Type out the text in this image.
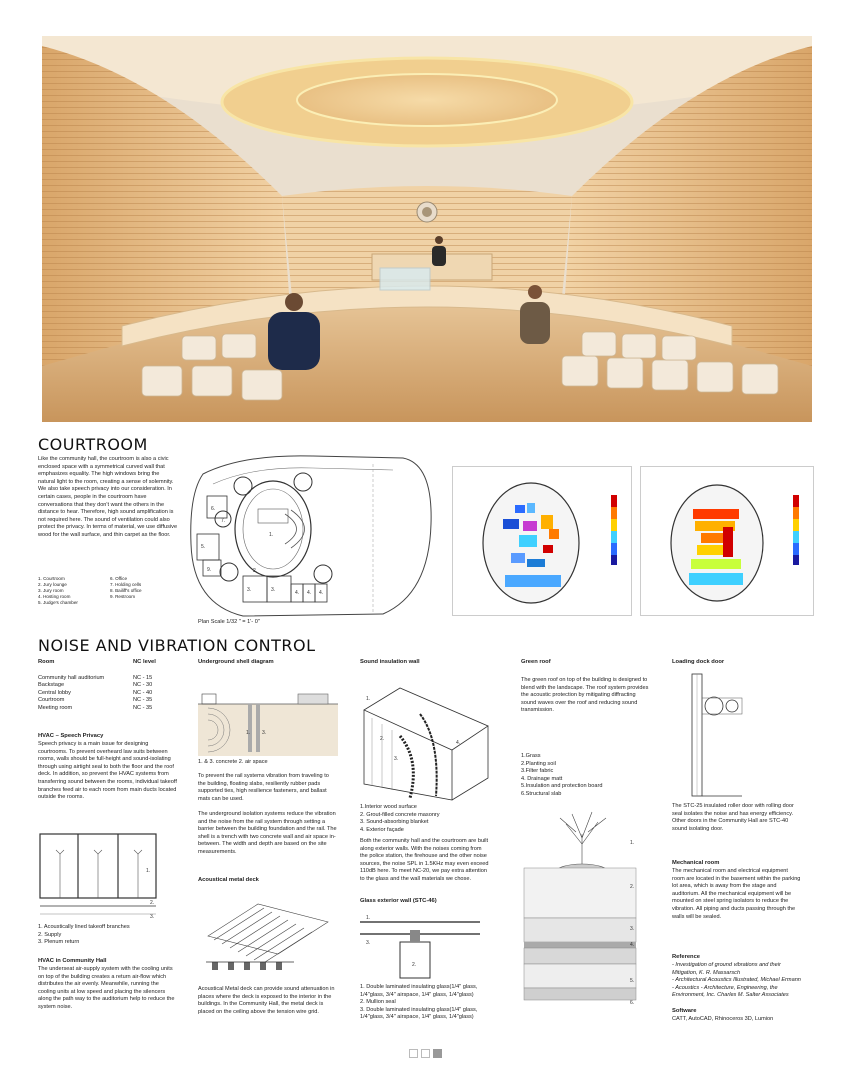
COURTROOM
Like the community hall, the courtroom is also a civic enclosed space with a symmetrical curved wall that emphasizes equality. The high windows bring the natural light to the room, creating a sense of solemnity. We also take speech privacy into our consideration. In certain cases, people in the courtroom have conversations that they don't want the others in the distance to hear. Therefore, high sound amplification is not required here. The sound of ventilation could also protect the privacy. In terms of material, we use diffusive wood for the wall surface, and thin carpet as the floor.
1. Courtroom	6. Office
2. Jury lounge	7. Holding cells
3. Jury room	8. Bailiff's office
4. Hosting room	9. Restroom
5. Judge's chamber
6.
5.
9.	2.
3.	3.	4. 4. 4.
1.
7.
Plan Scale 1/32 " = 1'- 0"
NOISE AND VIBRATION CONTROL
Room	NC level
Community hall auditorium	NC - 15
Backstage	NC - 30
Central lobby	NC - 40
Courtroom	NC - 35
Meeting room	NC - 35
HVAC – Speech Privacy
Speech privacy is a main issue for designing courtrooms. To prevent overheard law suits between rooms, walls should be full-height and sound-isolating through using airtight seal to both the floor and the roof deck. In addition, so prevent the HVAC systems from transferring sound between the rooms, individual takeoff branches feed air to each room from main ducts located outside the rooms.
1.
2.
3.
1. Acoustically lined takeoff branches
2. Supply
3. Plenum return
HVAC in Community Hall
The underseat air-supply system with the cooling units on top of the building creates a return air-flow which distributes the air evenly. Meanwhile, running the cooling units at low speed and placing the silencers along the path way to the auditorium help to reduce the system noise.
Underground shell diagram
1. 3.
1. & 3. concrete 2. air space
To prevent the rail systems vibration from traveling to the building, floating slabs, resiliently rubber pads supported ties, high resilience fasteners, and ballast mats can be used.
The underground isolation systems reduce the vibration and the noise from the rail system through setting a barrier between the building foundation and the rail. The shell is a trench with two concrete wall and air space in-between. The width and depth are based on the site measurements.
Acoustical metal deck
Acoustical Metal deck can provide sound attenuation in places where the deck is exposed to the interior in the buildings. In the Community Hall, the metal deck is placed on the ceiling above the tension wire grid.
Sound insulation wall
1.
2.
3.
4.
1.Interior wood surface
2. Grout-filled concrete masonry
3. Sound-absorbing blanket
4. Exterior façade
Both the community hall and the courtroom are built along exterior walls. With the noises coming from the police station, the firehouse and the other noise sources, the noise SPL in 1.5KHz may even exceed 110dB here. To meet NC-20, we pay extra attention to the glass and the wall materials we chose.
Glass exterior wall (STC-46)
1.
3.
2.
1. Double laminated insulating glass(1/4" glass, 1/4"glass, 3/4" airspace, 1/4" glass, 1/4"glass)
2. Mullion seal
3. Double laminated insulating glass(1/4" glass, 1/4"glass, 3/4" airspace, 1/4" glass, 1/4"glass)
Green roof
The green roof on top of the building is designed to blend with the landscape. The roof system provides the acoustic protection by mitigating diffracting sound waves over the roof and reducing sound transmission.
1.Grass
2.Planting soil
3.Filter fabric
4. Drainage matt
5.Insulation and protection board
6.Structural slab
1.
2.
3.
4.
5.
6.
Loading dock door
The STC-25 insulated roller door with rolling door seal isolates the noise and has energy efficiency. Other doors in the Community Hall are STC-40 sound isolating door.
Mechanical room
The mechanical room and electrical equipment room are located in the basement within the parking lot area, which is away from the stage and auditorium. All the mechanical equipment will be mounted on steel spring isolators to reduce the vibration. All piping and ducts passing through the walls will be sealed.
Reference
- Investigation of ground vibrations and their Mitigation, K. R. Massarsch
- Architectural Acoustics Illustrated, Michael Ermann
- Acoustics - Architecture, Engineering, the Environment, Inc. Charles M. Salter Associates
Software
CATT, AutoCAD, Rhinoceros 3D, Lumion
